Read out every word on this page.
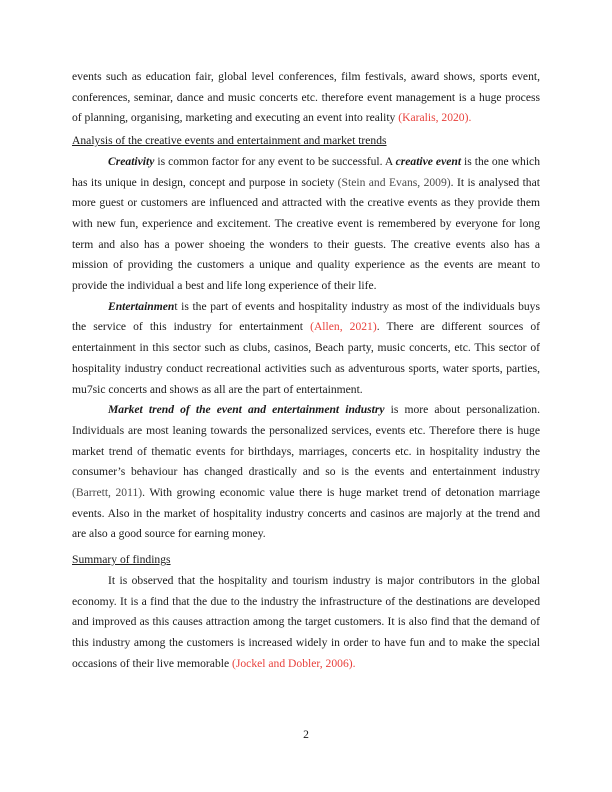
events such as education fair, global level conferences, film festivals, award shows, sports event, conferences, seminar, dance and music concerts etc. therefore event management is a huge process of planning, organising, marketing and executing an event into reality (Karalis, 2020).

Analysis of the creative events and entertainment and market trends

Creativity is common factor for any event to be successful. A creative event is the one which has its unique in design, concept and purpose in society (Stein and Evans, 2009). It is analysed that more guest or customers are influenced and attracted with the creative events as they provide them with new fun, experience and excitement. The creative event is remembered by everyone for long term and also has a power shoeing the wonders to their guests. The creative events also has a mission of providing the customers a unique and quality experience as the events are meant to provide the individual a best and life long experience of their life.

Entertainment is the part of events and hospitality industry as most of the individuals buys the service of this industry for entertainment (Allen, 2021). There are different sources of entertainment in this sector such as clubs, casinos, Beach party, music concerts, etc. This sector of hospitality industry conduct recreational activities such as adventurous sports, water sports, parties, mu7sic concerts and shows as all are the part of entertainment.

Market trend of the event and entertainment industry is more about personalization. Individuals are most leaning towards the personalized services, events etc. Therefore there is huge market trend of thematic events for birthdays, marriages, concerts etc. in hospitality industry the consumer’s behaviour has changed drastically and so is the events and entertainment industry (Barrett, 2011). With growing economic value there is huge market trend of detonation marriage events. Also in the market of hospitality industry concerts and casinos are majorly at the trend and are also a good source for earning money.

Summary of findings

It is observed that the hospitality and tourism industry is major contributors in the global economy. It is a find that the due to the industry the infrastructure of the destinations are developed and improved as this causes attraction among the target customers. It is also find that the demand of this industry among the customers is increased widely in order to have fun and to make the special occasions of their live memorable (Jockel and Dobler, 2006).

2
